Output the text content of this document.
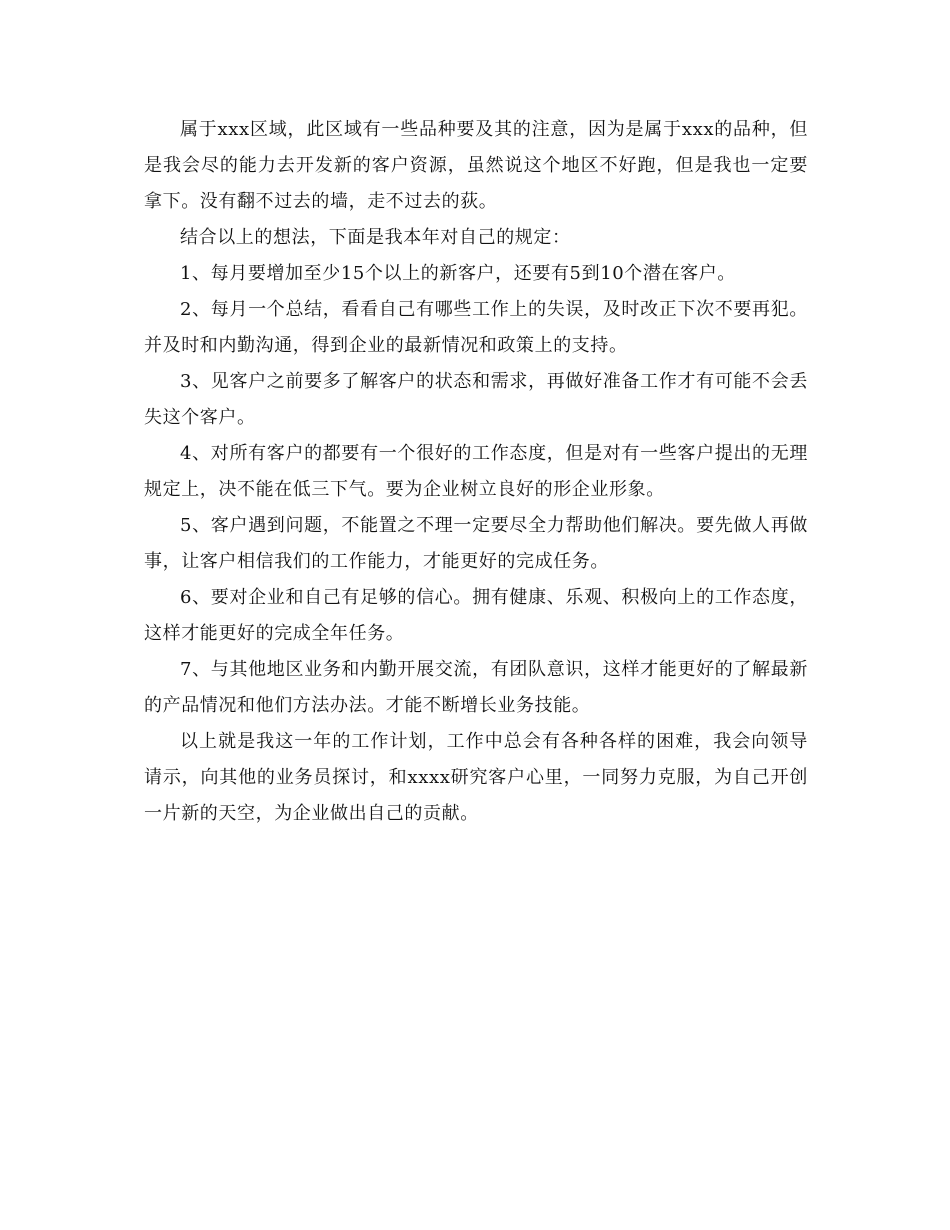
属于xxx区域，此区域有一些品种要及其的注意，因为是属于xxx的品种，但是我会尽的能力去开发新的客户资源，虽然说这个地区不好跑，但是我也一定要拿下。没有翻不过去的墙，走不过去的荻。

结合以上的想法，下面是我本年对自己的规定：

1、每月要增加至少15个以上的新客户，还要有5到10个潜在客户。

2、每月一个总结，看看自己有哪些工作上的失误，及时改正下次不要再犯。并及时和内勤沟通，得到企业的最新情况和政策上的支持。

3、见客户之前要多了解客户的状态和需求，再做好准备工作才有可能不会丢失这个客户。

4、对所有客户的都要有一个很好的工作态度，但是对有一些客户提出的无理规定上，决不能在低三下气。要为企业树立良好的形企业形象。

5、客户遇到问题，不能置之不理一定要尽全力帮助他们解决。要先做人再做事，让客户相信我们的工作能力，才能更好的完成任务。

6、要对企业和自己有足够的信心。拥有健康、乐观、积极向上的工作态度，这样才能更好的完成全年任务。

7、与其他地区业务和内勤开展交流，有团队意识，这样才能更好的了解最新的产品情况和他们方法办法。才能不断增长业务技能。

以上就是我这一年的工作计划，工作中总会有各种各样的困难，我会向领导请示，向其他的业务员探讨，和xxxx研究客户心里，一同努力克服，为自己开创一片新的天空，为企业做出自己的贡献。
